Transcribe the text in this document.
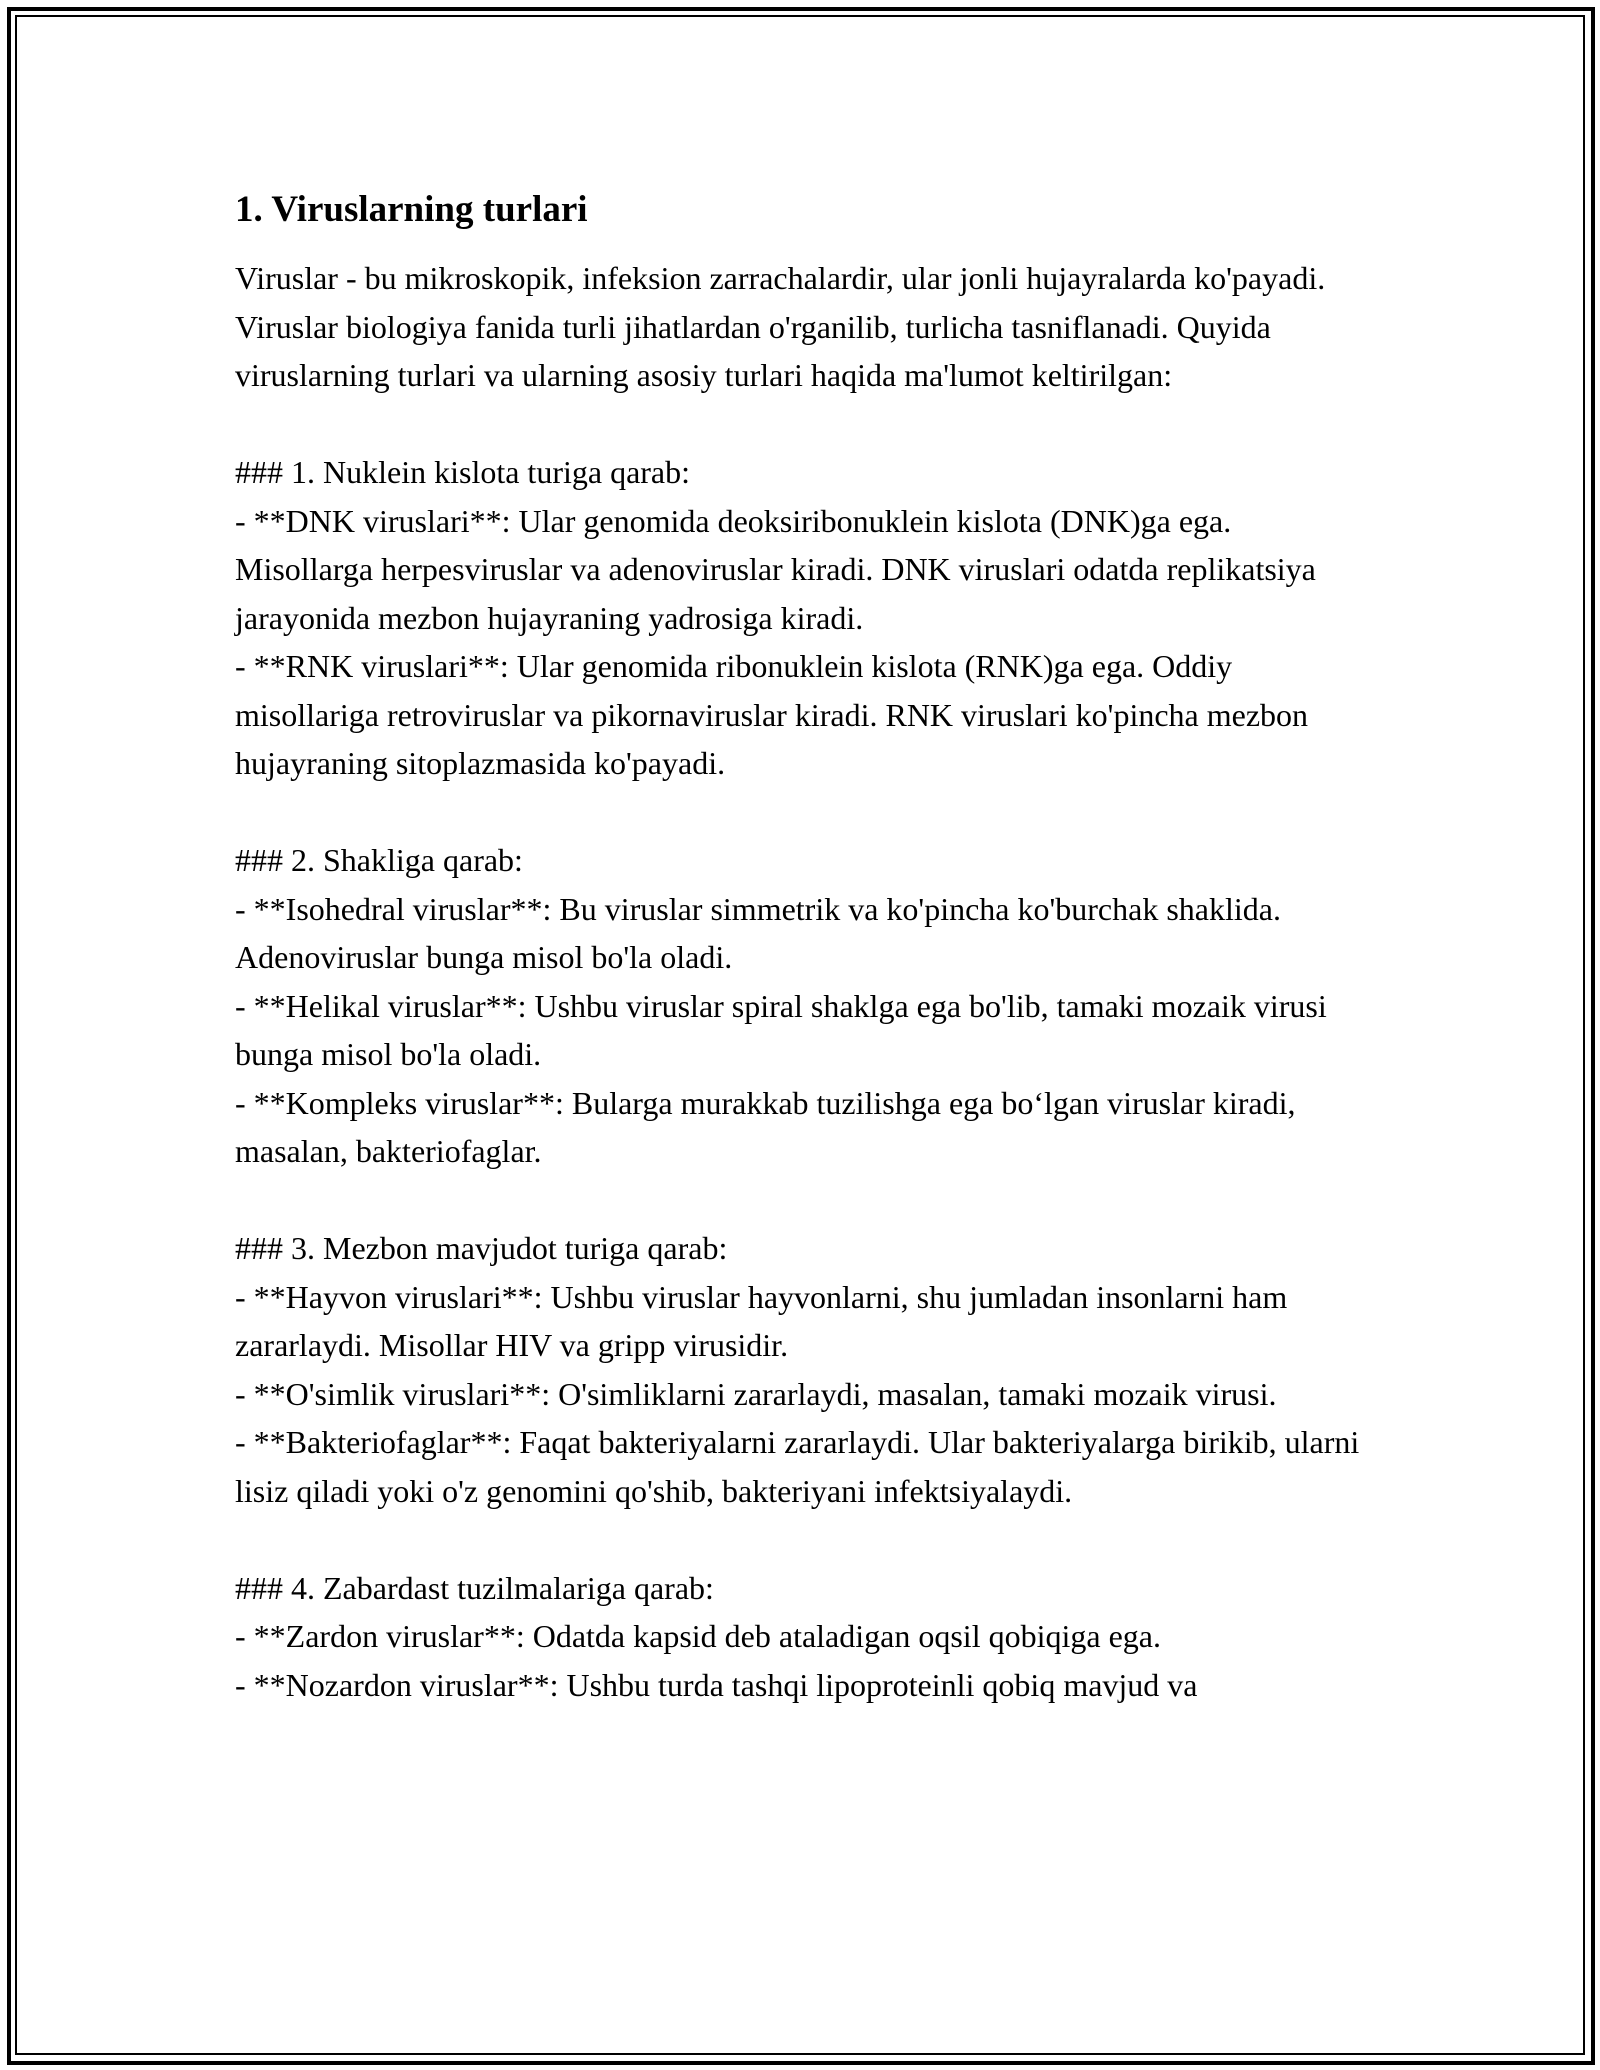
1. Viruslarning turlari

Viruslar - bu mikroskopik, infeksion zarrachalardir, ular jonli hujayralarda ko'payadi. Viruslar biologiya fanida turli jihatlardan o'rganilib, turlicha tasniflanadi. Quyida viruslarning turlari va ularning asosiy turlari haqida ma'lumot keltirilgan:

### 1. Nuklein kislota turiga qarab:

- **DNK viruslari**: Ular genomida deoksiribonuklein kislota (DNK)ga ega. Misollarga herpesviruslar va adenoviruslar kiradi. DNK viruslari odatda replikatsiya jarayonida mezbon hujayraning yadrosiga kiradi.

- **RNK viruslari**: Ular genomida ribonuklein kislota (RNK)ga ega. Oddiy misollariga retroviruslar va pikornaviruslar kiradi. RNK viruslari ko'pincha mezbon hujayraning sitoplazmasida ko'payadi.

### 2. Shakliga qarab:

- **Isohedral viruslar**: Bu viruslar simmetrik va ko'pincha ko'burchak shaklida. Adenoviruslar bunga misol bo'la oladi.

- **Helikal viruslar**: Ushbu viruslar spiral shaklga ega bo'lib, tamaki mozaik virusi bunga misol bo'la oladi.

- **Kompleks viruslar**: Bularga murakkab tuzilishga ega bo‘lgan viruslar kiradi, masalan, bakteriofaglar.

### 3. Mezbon mavjudot turiga qarab:

- **Hayvon viruslari**: Ushbu viruslar hayvonlarni, shu jumladan insonlarni ham zararlaydi. Misollar HIV va gripp virusidir.

- **O'simlik viruslari**: O'simliklarni zararlaydi, masalan, tamaki mozaik virusi.

- **Bakteriofaglar**: Faqat bakteriyalarni zararlaydi. Ular bakteriyalarga birikib, ularni lisiz qiladi yoki o'z genomini qo'shib, bakteriyani infektsiyalaydi.

### 4. Zabardast tuzilmalariga qarab:

- **Zardon viruslar**: Odatda kapsid deb ataladigan oqsil qobiqiga ega.

- **Nozardon viruslar**: Ushbu turda tashqi lipoproteinli qobiq mavjud va
